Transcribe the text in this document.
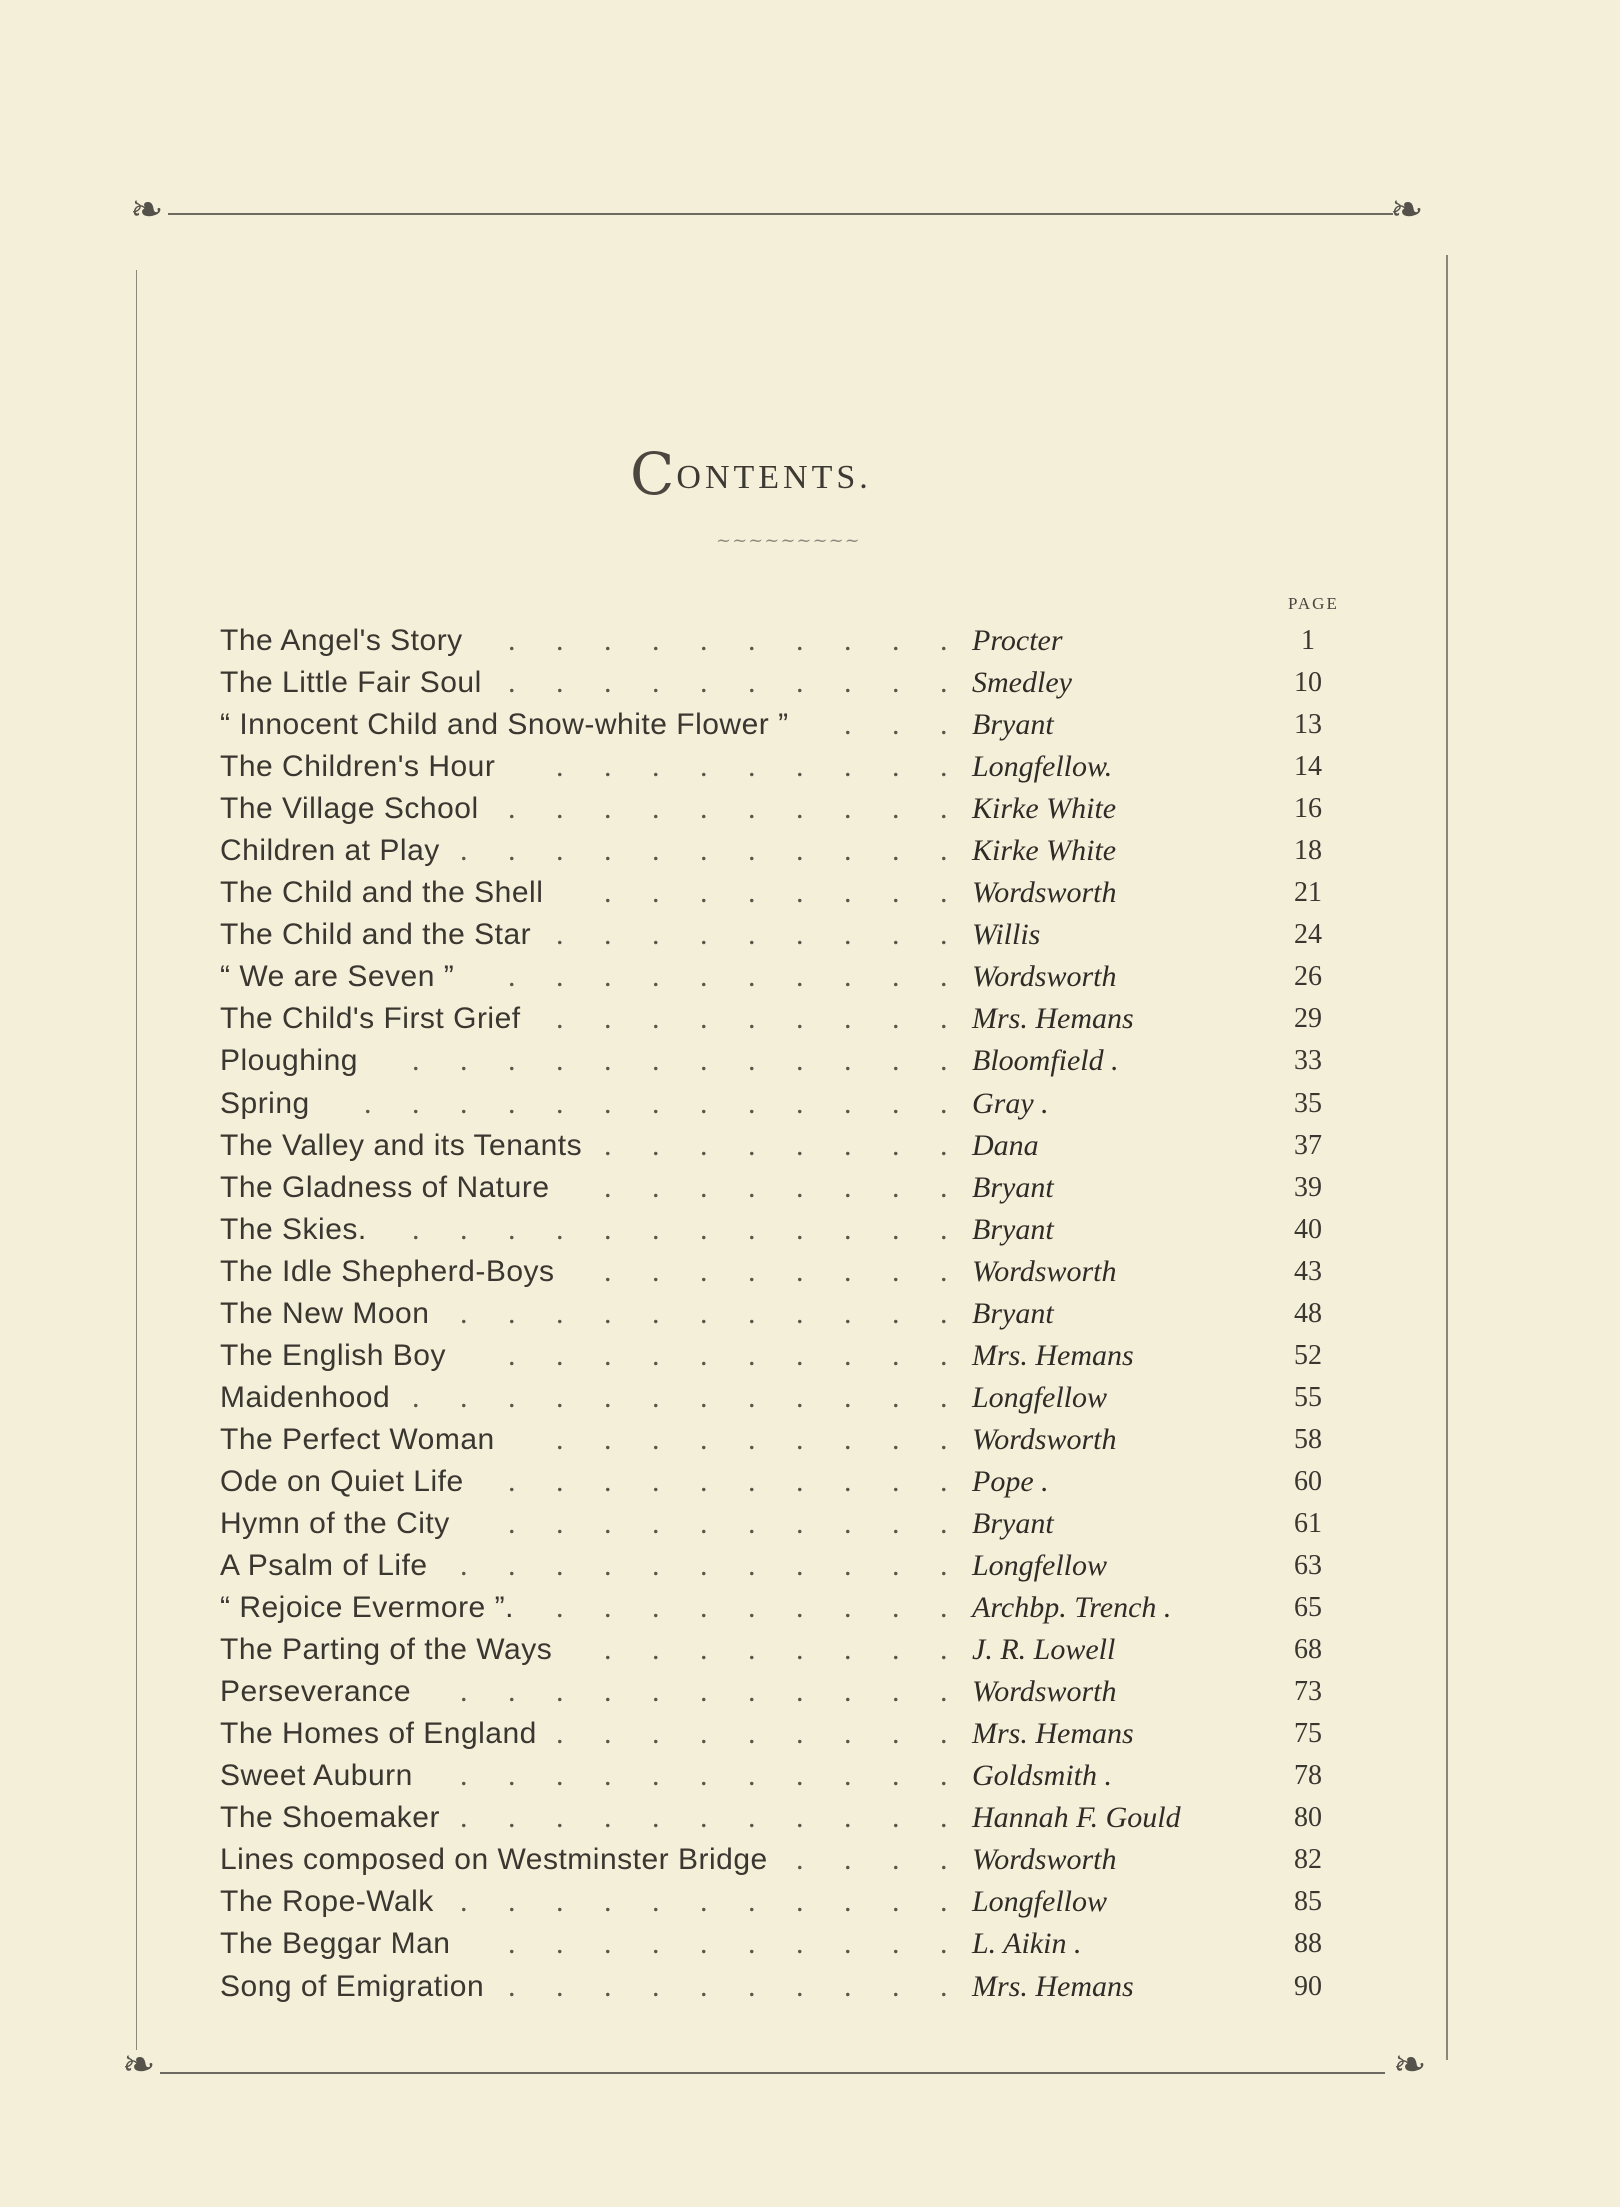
❧	❧
❧	❧
C ONTENTS.
~~~~~~~~~
PAGE
. . . . . . . . . .
The Angel's Story	Procter	1
. . . . . . . . . .
The Little Fair Soul	Smedley	10
. . .
“ Innocent Child and Snow-white Flower ”	Bryant	13
. . . . . . . . .
The Children's Hour	Longfellow.	14
. . . . . . . . . .
The Village School	Kirke White	16
. . . . . . . . . . .
Children at Play	Kirke White	18
. . . . . . . .
The Child and the Shell	Wordsworth	21
. . . . . . . . .
The Child and the Star	Willis	24
. . . . . . . . . .
“ We are Seven ”	Wordsworth	26
. . . . . . . . .
The Child's First Grief	Mrs. Hemans	29
. . . . . . . . . . . .
Ploughing	Bloomfield .	33
. . . . . . . . . . . . .
Spring	Gray .	35
. . . . . . . .
The Valley and its Tenants	Dana	37
. . . . . . . .
The Gladness of Nature	Bryant	39
. . . . . . . . . . . .
The Skies.	Bryant	40
. . . . . . . .
The Idle Shepherd-Boys	Wordsworth	43
. . . . . . . . . . .
The New Moon	Bryant	48
. . . . . . . . . .
The English Boy	Mrs. Hemans	52
. . . . . . . . . . . .
Maidenhood	Longfellow	55
. . . . . . . . .
The Perfect Woman	Wordsworth	58
. . . . . . . . . .
Ode on Quiet Life	Pope .	60
. . . . . . . . . .
Hymn of the City	Bryant	61
. . . . . . . . . . .
A Psalm of Life	Longfellow	63
. . . . . . . . .
“ Rejoice Evermore ”.	Archbp. Trench .	65
. . . . . . . .
The Parting of the Ways	J. R. Lowell	68
. . . . . . . . . . .
Perseverance	Wordsworth	73
. . . . . . . . .
The Homes of England	Mrs. Hemans	75
. . . . . . . . . . .
Sweet Auburn	Goldsmith .	78
. . . . . . . . . . .
The Shoemaker	Hannah F. Gould	80
. . . .
Lines composed on Westminster Bridge	Wordsworth	82
. . . . . . . . . . .
The Rope-Walk	Longfellow	85
. . . . . . . . . .
The Beggar Man	L. Aikin .	88
. . . . . . . . . .
Song of Emigration	Mrs. Hemans	90
